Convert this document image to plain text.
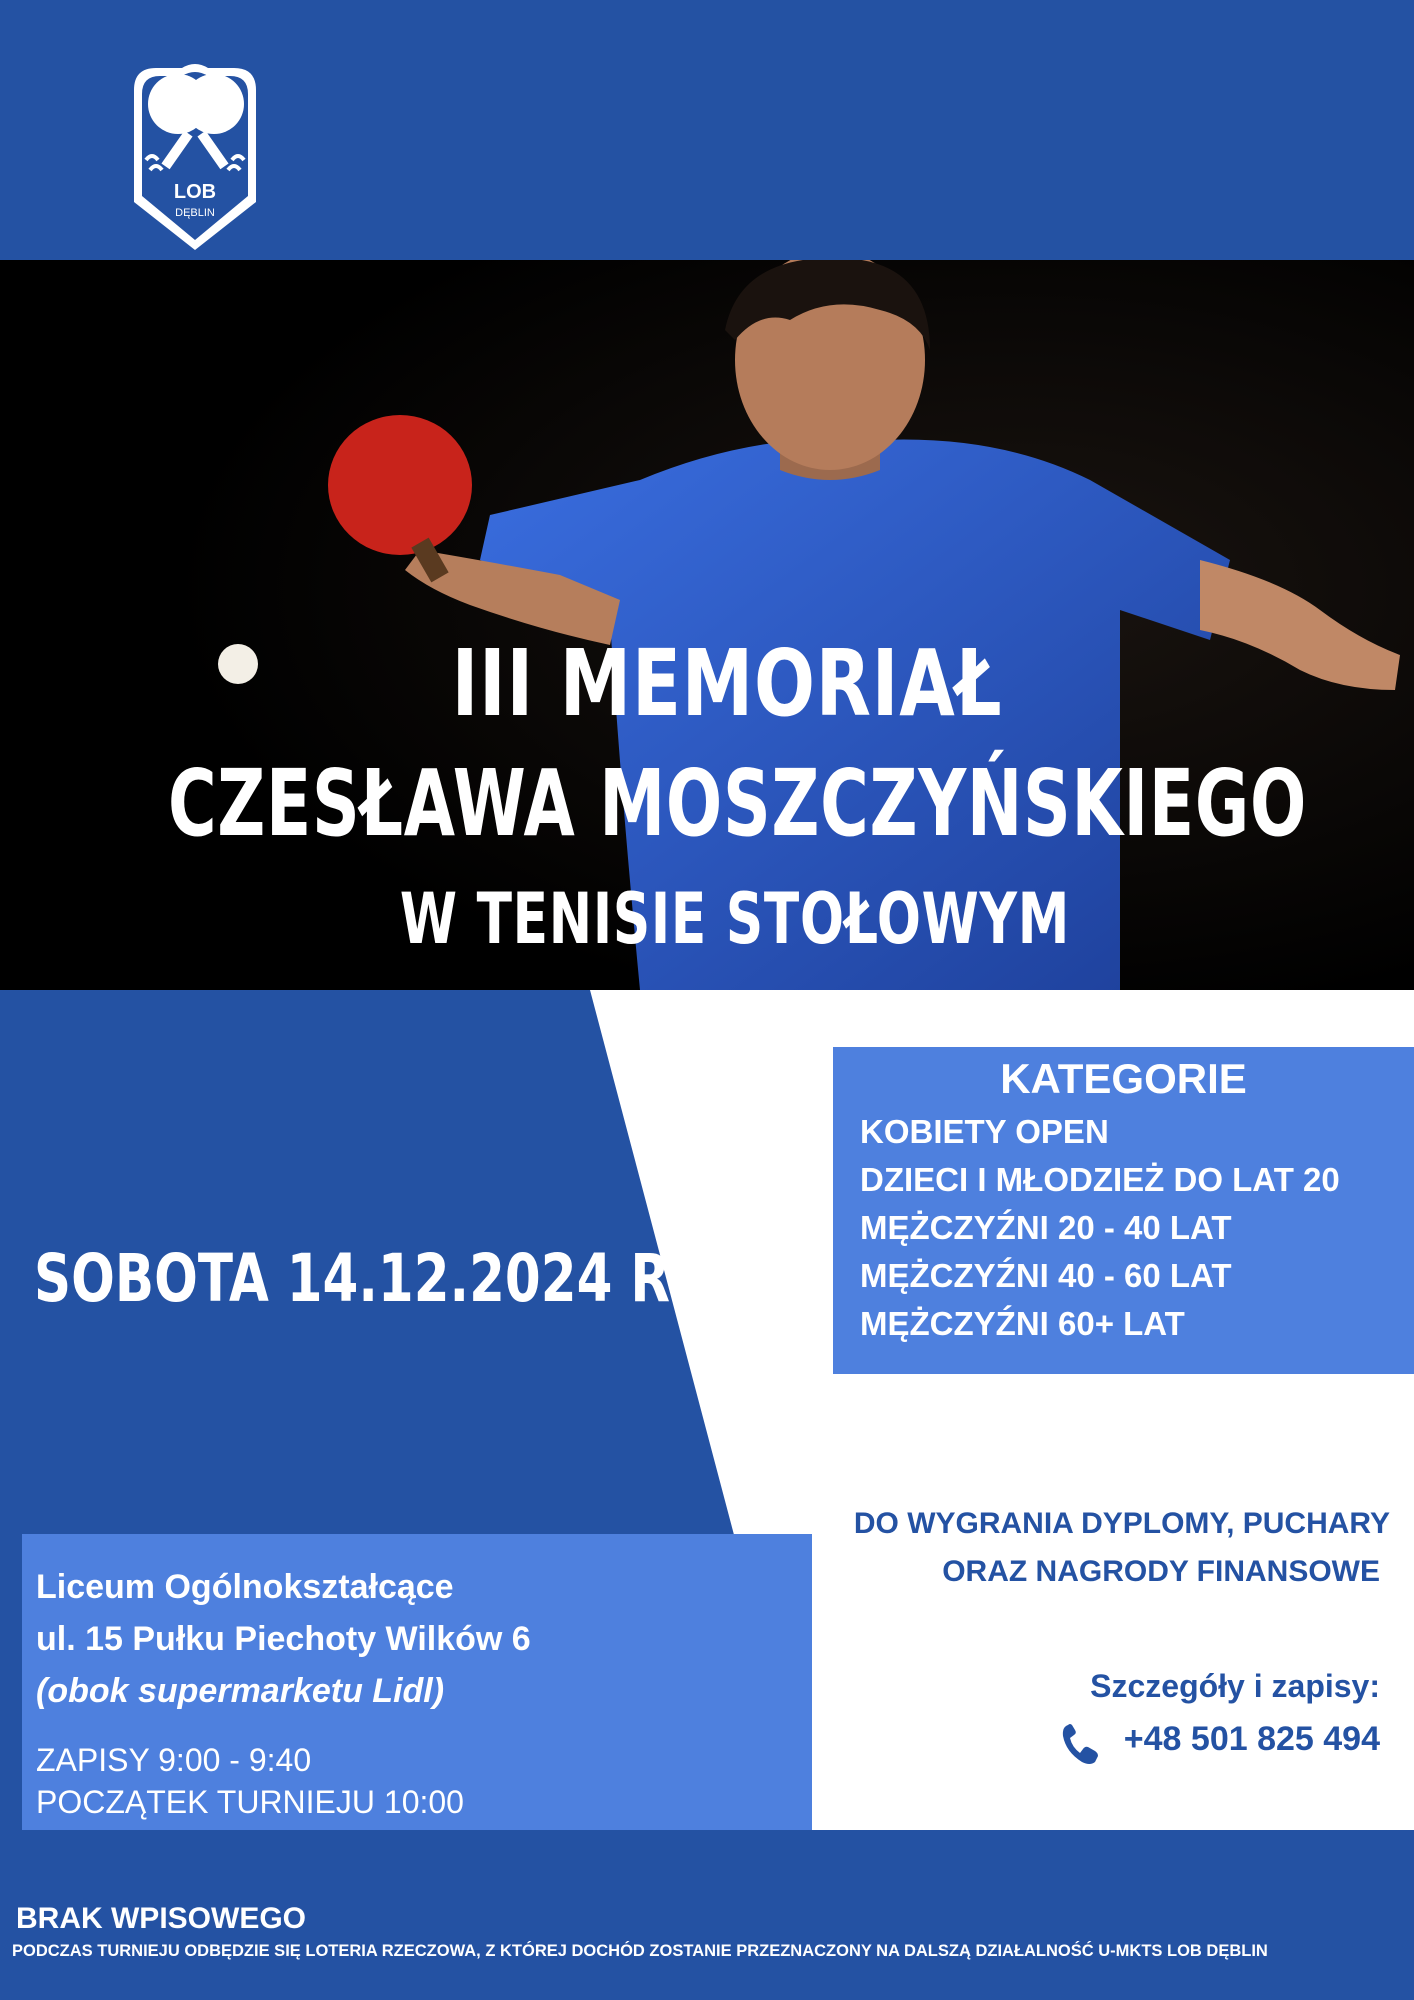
LOB
DĘBLIN
III MEMORIAŁ
CZESŁAWA MOSZCZYŃSKIEGO
W TENISIE STOŁOWYM
SOBOTA 14.12.2024 R.
KATEGORIE
KOBIETY OPEN
DZIECI I MŁODZIEŻ DO LAT 20
MĘŻCZYŹNI 20 - 40 LAT
MĘŻCZYŹNI 40 - 60 LAT
MĘŻCZYŹNI 60+ LAT
DO WYGRANIA DYPLOMY, PUCHARY
ORAZ NAGRODY FINANSOWE
Liceum Ogólnokształcące
ul. 15 Pułku Piechoty Wilków 6
(obok supermarketu Lidl)
ZAPISY 9:00 - 9:40
POCZĄTEK TURNIEJU 10:00
Szczegóły i zapisy:
+48 501 825 494
BRAK WPISOWEGO
PODCZAS TURNIEJU ODBĘDZIE SIĘ LOTERIA RZECZOWA, Z KTÓREJ DOCHÓD ZOSTANIE PRZEZNACZONY NA DALSZĄ DZIAŁALNOŚĆ U-MKTS LOB DĘBLIN
